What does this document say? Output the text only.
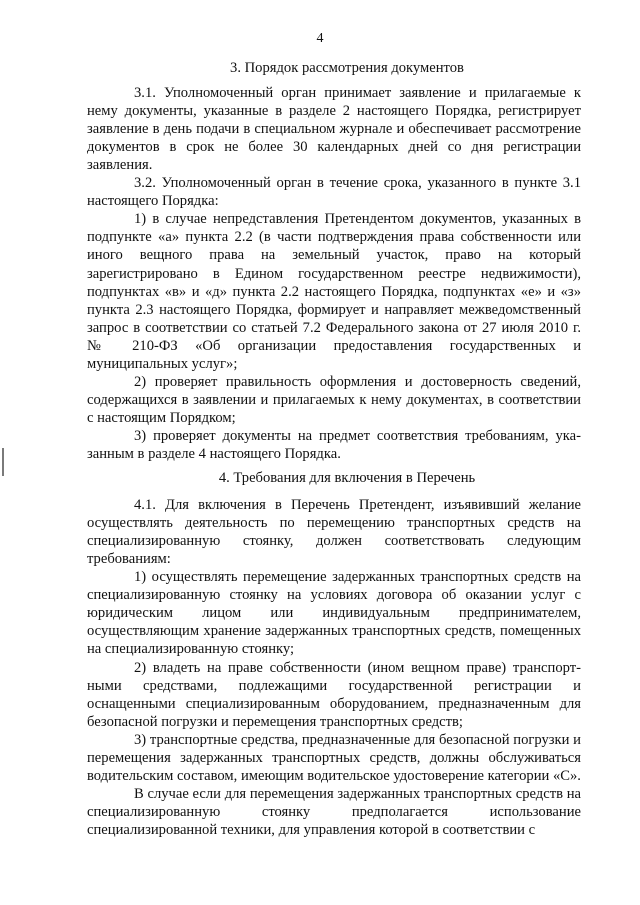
4

3. Порядок рассмотрения документов

3.1. Уполномоченный орган принимает заявление и прилагаемые к нему документы, указанные в разделе 2 настоящего Порядка, регистрирует заявление в день подачи в специальном журнале и обеспечивает рассмотрение документов в срок не более 30 календарных дней со дня регистрации заявления.

3.2. Уполномоченный орган в течение срока, указанного в пункте 3.1 настоящего Порядка:

1) в случае непредставления Претендентом документов, указанных в подпункте «а» пункта 2.2 (в части подтверждения права собственности или иного вещного права на земельный участок, право на который зарегистрировано в Едином государственном реестре недвижимости), подпунктах «в» и «д» пункта 2.2 настоящего Порядка, подпунктах «е» и «з» пункта 2.3 настоящего Порядка, формирует и направляет межведомственный запрос в соответствии со статьей 7.2 Федерального закона от 27 июля 2010 г. № 210-ФЗ «Об организации предоставления государственных и муниципальных услуг»;

2) проверяет правильность оформления и достоверность сведений, содержащихся в заявлении и прилагаемых к нему документах, в соответствии с настоящим Порядком;

3) проверяет документы на предмет соответствия требованиям, указанным в разделе 4 настоящего Порядка.

4. Требования для включения в Перечень

4.1. Для включения в Перечень Претендент, изъявивший желание осуществлять деятельность по перемещению транспортных средств на специализированную стоянку, должен соответствовать следующим требованиям:

1) осуществлять перемещение задержанных транспортных средств на специализированную стоянку на условиях договора об оказании услуг с юридическим лицом или индивидуальным предпринимателем, осуществляющим хранение задержанных транспортных средств, помещенных на специализированную стоянку;

2) владеть на праве собственности (ином вещном праве) транспортными средствами, подлежащими государственной регистрации и оснащенными специализированным оборудованием, предназначенным для безопасной погрузки и перемещения транспортных средств;

3) транспортные средства, предназначенные для безопасной погрузки и перемещения задержанных транспортных средств, должны обслуживаться водительским составом, имеющим водительское удостоверение категории «С».

В случае если для перемещения задержанных транспортных средств на специализированную стоянку предполагается использование специализированной техники, для управления которой в соответствии с
